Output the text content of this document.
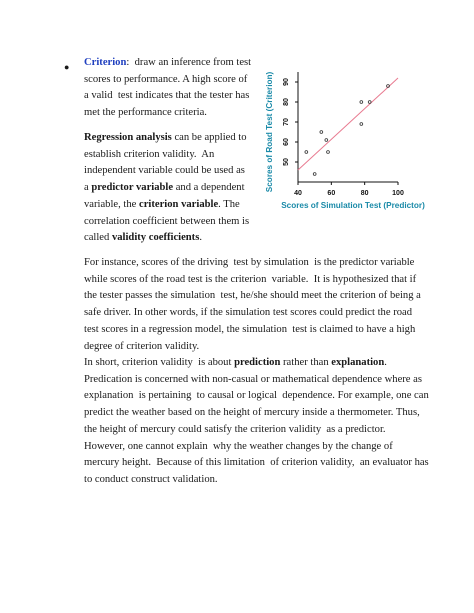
● Criterion:  draw an inference from test
scores to performance. A high score of
a valid  test indicates that the tester has
met the performance criteria.
Regression analysis can be applied to
establish criterion validity.  An
independent variable could be used as
a predictor variable and a dependent
variable, the criterion variable. The
correlation coefficient between them is
called validity coefficients.
For instance, scores of the driving  test by simulation  is the predictor variable
while scores of the road test is the criterion  variable.  It is hypothesized that if
the tester passes the simulation  test, he/she should meet the criterion of being a
safe driver. In other words, if the simulation test scores could predict the road
test scores in a regression model, the simulation  test is claimed to have a high
degree of criterion validity.
In short, criterion validity  is about prediction rather than explanation.
Predication is concerned with non-casual or mathematical dependence where as
explanation  is pertaining  to causal or logical  dependence. For example, one can
predict the weather based on the height of mercury inside a thermometer. Thus,
the height of mercury could satisfy the criterion validity  as a predictor.
However, one cannot explain  why the weather changes by the change of
mercury height.  Because of this limitation  of criterion validity,  an evaluator has
to conduct construct validation.
40	60	80	100
50
60
70
80
90
Scores of Simulation Test (Predictor)
Scores of Road Test (Criterion)
